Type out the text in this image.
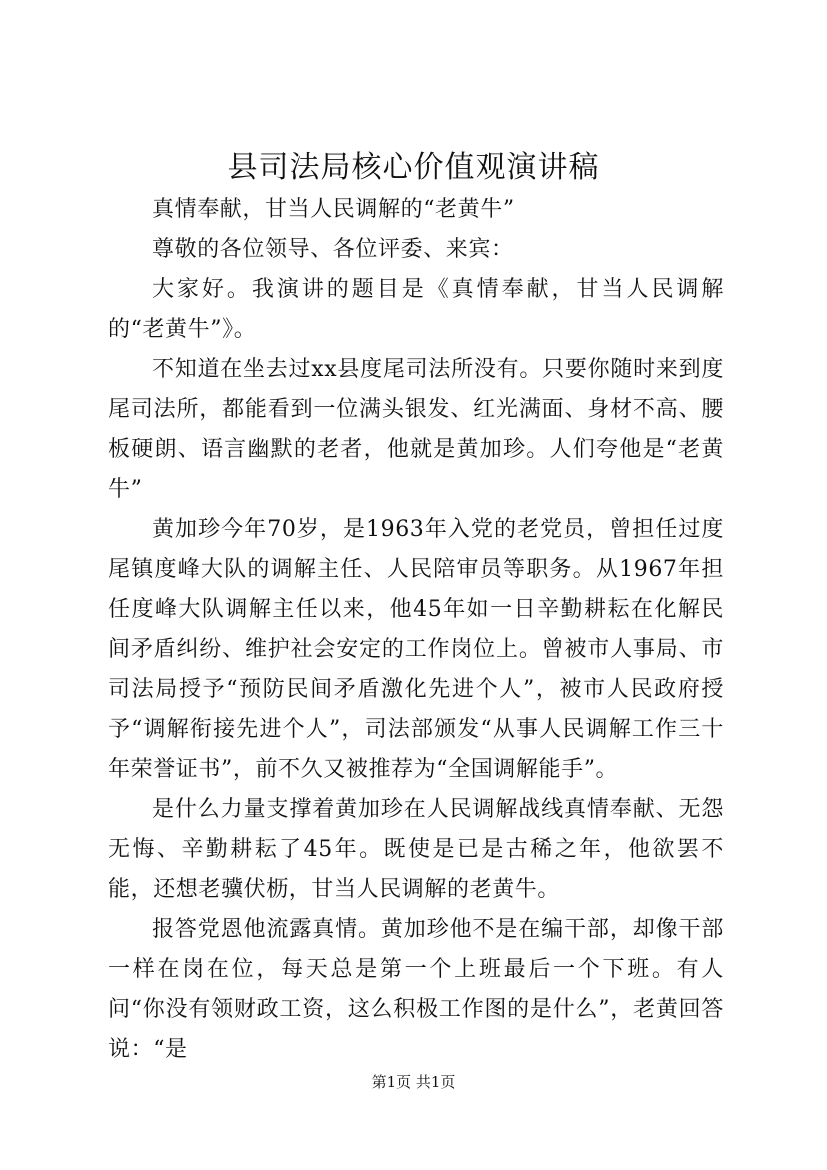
县司法局核心价值观演讲稿

真情奉献，甘当人民调解的“老黄牛”

尊敬的各位领导、各位评委、来宾：

大家好。我演讲的题目是《真情奉献，甘当人民调解的“老黄牛”》。

不知道在坐去过xx县度尾司法所没有。只要你随时来到度尾司法所，都能看到一位满头银发、红光满面、身材不高、腰板硬朗、语言幽默的老者，他就是黄加珍。人们夸他是“老黄牛”

黄加珍今年70岁，是1963年入党的老党员，曾担任过度尾镇度峰大队的调解主任、人民陪审员等职务。从1967年担任度峰大队调解主任以来，他45年如一日辛勤耕耘在化解民间矛盾纠纷、维护社会安定的工作岗位上。曾被市人事局、市司法局授予“预防民间矛盾激化先进个人”，被市人民政府授予“调解衔接先进个人”，司法部颁发“从事人民调解工作三十年荣誉证书”，前不久又被推荐为“全国调解能手”。

是什么力量支撑着黄加珍在人民调解战线真情奉献、无怨无悔、辛勤耕耘了45年。既使是已是古稀之年，他欲罢不能，还想老骥伏枥，甘当人民调解的老黄牛。

报答党恩他流露真情。黄加珍他不是在编干部，却像干部一样在岗在位，每天总是第一个上班最后一个下班。有人问“你没有领财政工资，这么积极工作图的是什么”，老黄回答说：“是

第1页 共1页
